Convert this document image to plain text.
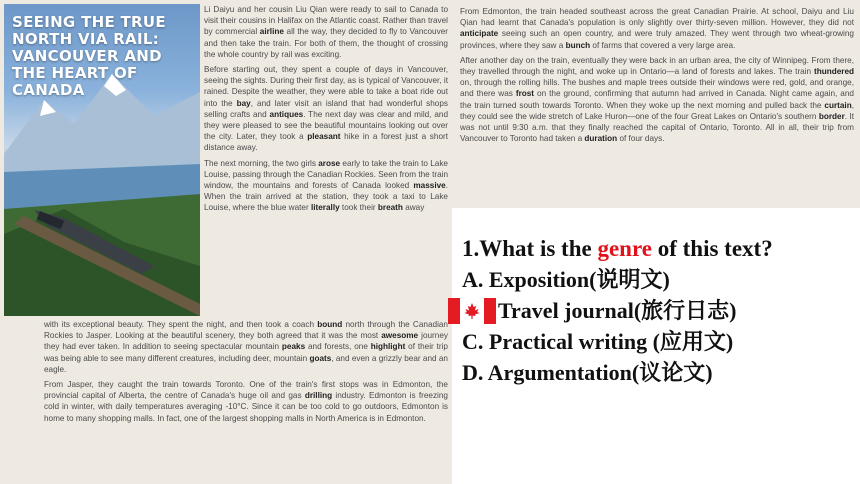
SEEING THE TRUE NORTH VIA RAIL: VANCOUVER AND THE HEART OF CANADA

Li Daiyu and her cousin Liu Qian were ready to sail to Canada to visit their cousins in Halifax on the Atlantic coast. Rather than travel by commercial airline all the way, they decided to fly to Vancouver and then take the train. For both of them, the thought of crossing the whole country by rail was exciting.

Before starting out, they spent a couple of days in Vancouver, seeing the sights. During their first day, as is typical of Vancouver, it rained. Despite the weather, they were able to take a boat ride out into the bay, and later visit an island that had wonderful shops selling crafts and antiques. The next day was clear and mild, and they were pleased to see the beautiful mountains looking out over the city. Later, they took a pleasant hike in a forest just a short distance away.

The next morning, the two girls arose early to take the train to Lake Louise, passing through the Canadian Rockies. Seen from the train window, the mountains and forests of Canada looked massive. When the train arrived at the station, they took a taxi to Lake Louise, where the blue water literally took their breath away

with its exceptional beauty. They spent the night, and then took a coach bound north through the Canadian Rockies to Jasper. Looking at the beautiful scenery, they both agreed that it was the most awesome journey they had ever taken. In addition to seeing spectacular mountain peaks and forests, one highlight of their trip was being able to see many different creatures, including deer, mountain goats, and even a grizzly bear and an eagle.

From Jasper, they caught the train towards Toronto. One of the train's first stops was in Edmonton, the provincial capital of Alberta, the centre of Canada's huge oil and gas drilling industry. Edmonton is freezing cold in winter, with daily temperatures averaging -10°C. Since it can be too cold to go outdoors, Edmonton is home to many shopping malls. In fact, one of the largest shopping malls in North America is in Edmonton.

From Edmonton, the train headed southeast across the great Canadian Prairie. At school, Daiyu and Liu Qian had learnt that Canada's population is only slightly over thirty-seven million. However, they did not anticipate seeing such an open country, and were truly amazed. They went through two wheat-growing provinces, where they saw a bunch of farms that covered a very large area.

After another day on the train, eventually they were back in an urban area, the city of Winnipeg. From there, they travelled through the night, and woke up in Ontario—a land of forests and lakes. The train thundered on, through the rolling hills. The bushes and maple trees outside their windows were red, gold, and orange, and there was frost on the ground, confirming that autumn had arrived in Canada. Night came again, and the train turned south towards Toronto. When they woke up the next morning and pulled back the curtain, they could see the wide stretch of Lake Huron—one of the four Great Lakes on Ontario's southern border. It was not until 9:30 a.m. that they finally reached the capital of Ontario, Toronto. All in all, their trip from Vancouver to Toronto had taken a duration of four days.

1.What is the genre of this text?
A. Exposition(说明文)
Travel journal(旅行日志)
C. Practical writing (应用文)
D. Argumentation(议论文)
